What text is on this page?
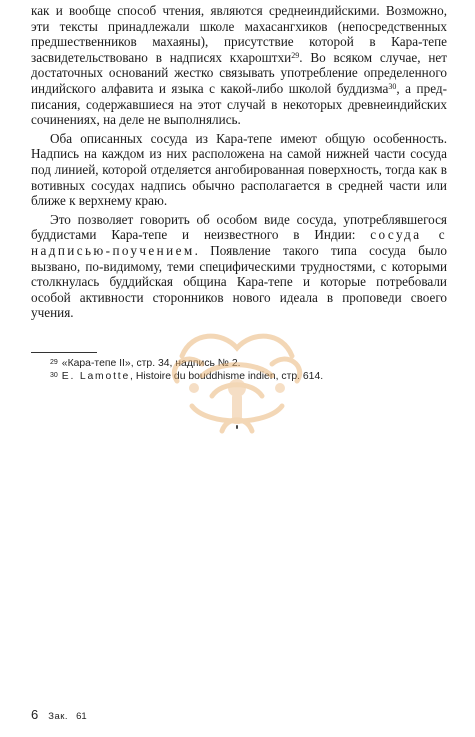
как и вообще способ чтения, являются среднеиндийскими. Возможно, эти тексты принадлежали школе махасангхиков (непосредственных предшественников махаяны), присутствие которой в Кара-тепе засвидетельствовано в надписях кхароштхи$^{29}$. Во всяком случае, нет достаточных оснований жестко связывать употребление определенного индийского алфавита и языка с какой-либо школой буддизма$^{30}$, а предписания, содержавшиеся на этот случай в некоторых древнеиндийских сочинениях, на деле не выполнялись.

Оба описанных сосуда из Кара-тепе имеют общую особенность. Надпись на каждом из них расположена на самой нижней части сосуда под линией, которой отделяется ангобированная поверхность, тогда как в вотивных сосудах надпись обычно располагается в средней части или ближе к верхнему краю.

Это позволяет говорить об особом виде сосуда, употреблявшегося буддистами Кара-тепе и неизвестного в Индии: сосуда с надписью-поучением. Появление такого типа сосуда было вызвано, по-видимому, теми специфическими трудностями, с которыми столкнулась буддийская община Кара-тепе и которые потребовали особой активности сторонников нового идеала в проповеди своего учения.

$^{29}$ «Кара-тепе II», стр. 34, надпись № 2.

$^{30}$ E. Lamotte, Histoire du bouddhisme indien, стр. 614.

6 Зак. 61
